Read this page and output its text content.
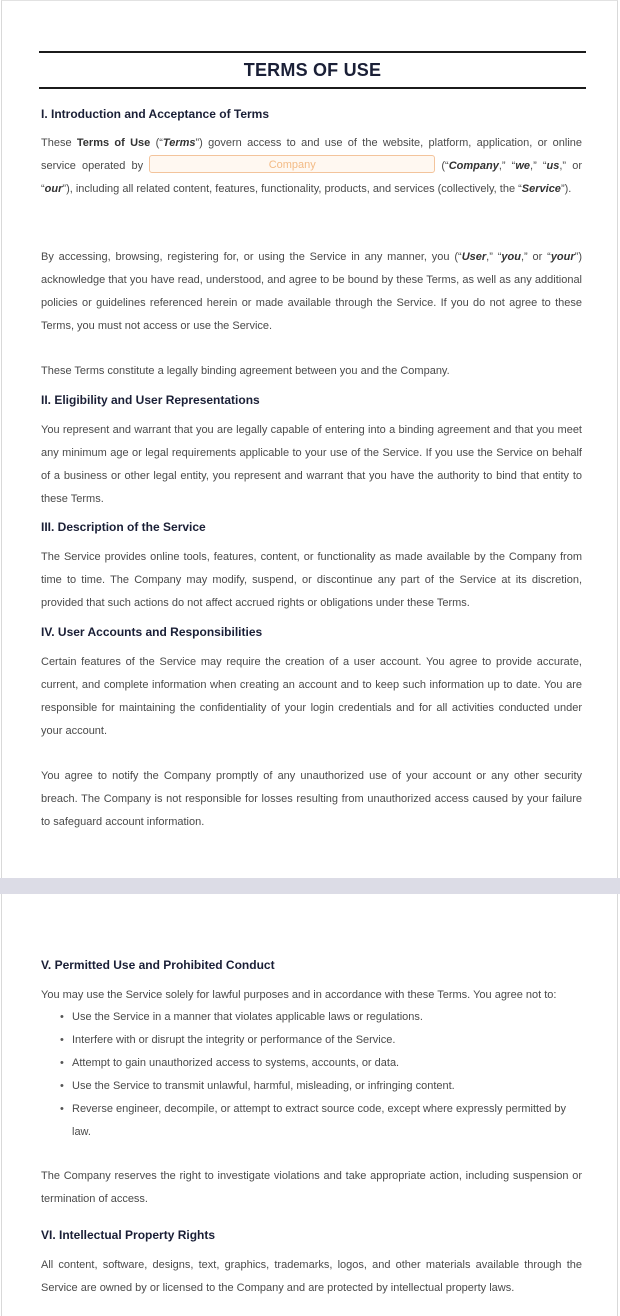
TERMS OF USE
I. Introduction and Acceptance of Terms

These Terms of Use (“Terms”) govern access to and use of the website, platform, application, or online service operated by	Company	(“Company,” “we,” “us,” or “our”), including all related content, features, functionality, products, and services (collectively, the “Service”).

By accessing, browsing, registering for, or using the Service in any manner, you (“User,” “you,” or “your”) acknowledge that you have read, understood, and agree to be bound by these Terms, as well as any additional policies or guidelines referenced herein or made available through the Service. If you do not agree to these Terms, you must not access or use the Service.

These Terms constitute a legally binding agreement between you and the Company.

II. Eligibility and User Representations

You represent and warrant that you are legally capable of entering into a binding agreement and that you meet any minimum age or legal requirements applicable to your use of the Service. If you use the Service on behalf of a business or other legal entity, you represent and warrant that you have the authority to bind that entity to these Terms.

III. Description of the Service

The Service provides online tools, features, content, or functionality as made available by the Company from time to time. The Company may modify, suspend, or discontinue any part of the Service at its discretion, provided that such actions do not affect accrued rights or obligations under these Terms.

IV. User Accounts and Responsibilities

Certain features of the Service may require the creation of a user account. You agree to provide accurate, current, and complete information when creating an account and to keep such information up to date. You are responsible for maintaining the confidentiality of your login credentials and for all activities conducted under your account.

You agree to notify the Company promptly of any unauthorized use of your account or any other security breach. The Company is not responsible for losses resulting from unauthorized access caused by your failure to safeguard account information.

V. Permitted Use and Prohibited Conduct

You may use the Service solely for lawful purposes and in accordance with these Terms. You agree not to:

• Use the Service in a manner that violates applicable laws or regulations.
• Interfere with or disrupt the integrity or performance of the Service.
• Attempt to gain unauthorized access to systems, accounts, or data.
• Use the Service to transmit unlawful, harmful, misleading, or infringing content.
• Reverse engineer, decompile, or attempt to extract source code, except where expressly permitted by law.

The Company reserves the right to investigate violations and take appropriate action, including suspension or termination of access.

VI. Intellectual Property Rights

All content, software, designs, text, graphics, trademarks, logos, and other materials available through the Service are owned by or licensed to the Company and are protected by intellectual property laws.
